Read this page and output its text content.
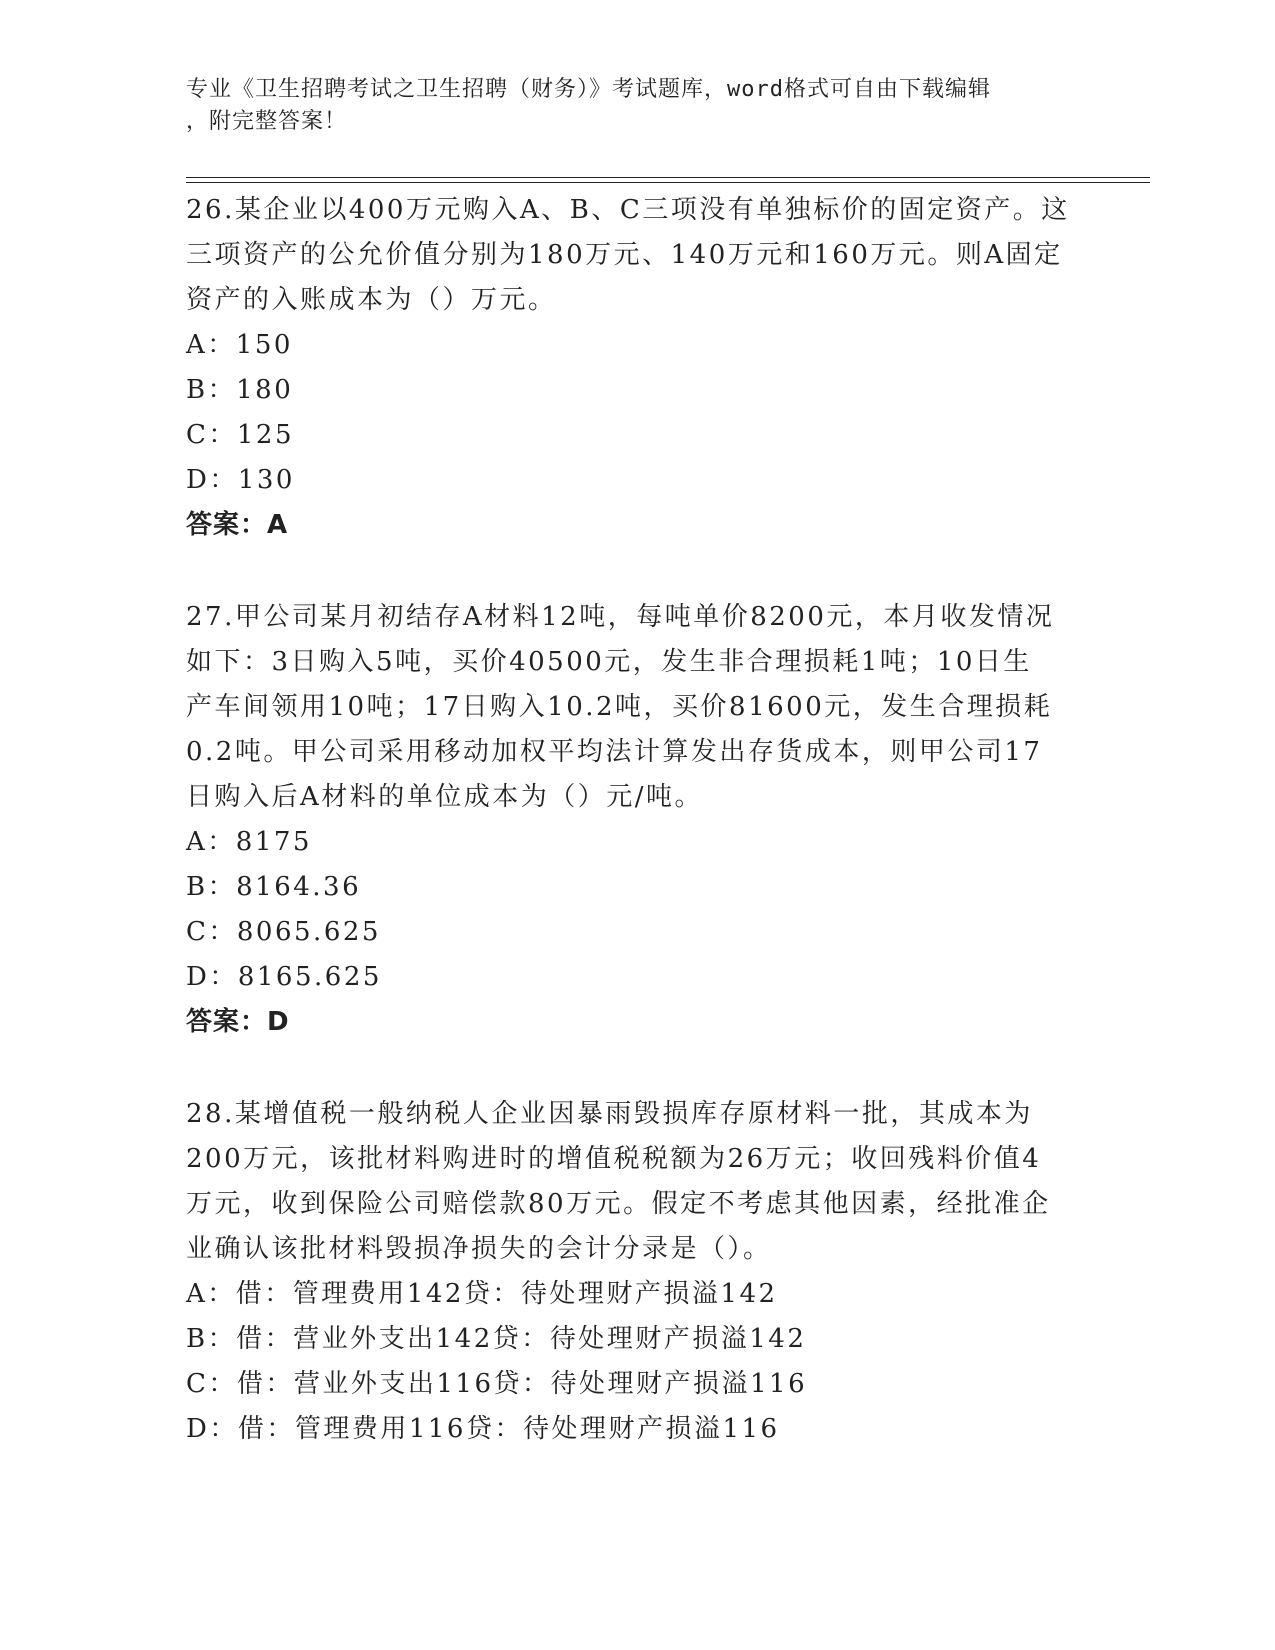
专业《卫生招聘考试之卫生招聘（财务）》考试题库，word格式可自由下载编辑
，附完整答案！

26.某企业以400万元购入A、B、C三项没有单独标价的固定资产。这

三项资产的公允价值分别为180万元、140万元和160万元。则A固定

资产的入账成本为（）万元。

A：150

B：180

C：125

D：130

答案：A

27.甲公司某月初结存A材料12吨，每吨单价8200元，本月收发情况

如下：3日购入5吨，买价40500元，发生非合理损耗1吨；10日生

产车间领用10吨；17日购入10.2吨，买价81600元，发生合理损耗

0.2吨。甲公司采用移动加权平均法计算发出存货成本，则甲公司17

日购入后A材料的单位成本为（）元/吨。

A：8175

B：8164.36

C：8065.625

D：8165.625

答案：D

28.某增值税一般纳税人企业因暴雨毁损库存原材料一批，其成本为

200万元，该批材料购进时的增值税税额为26万元；收回残料价值4

万元，收到保险公司赔偿款80万元。假定不考虑其他因素，经批准企

业确认该批材料毁损净损失的会计分录是（）。

A：借：管理费用142贷：待处理财产损溢142

B：借：营业外支出142贷：待处理财产损溢142

C：借：营业外支出116贷：待处理财产损溢116

D：借：管理费用116贷：待处理财产损溢116
